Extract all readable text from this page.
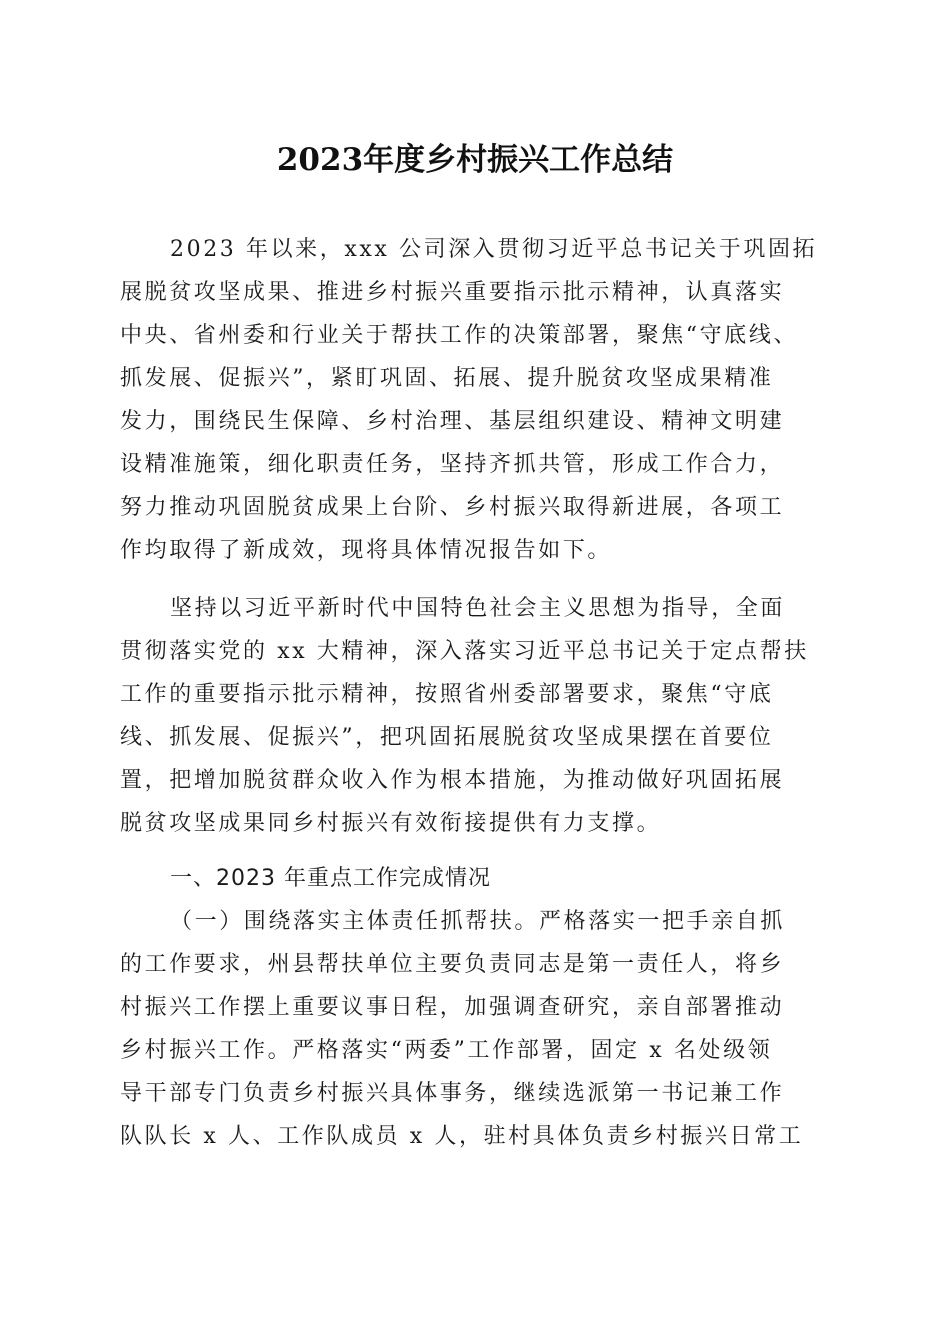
2023年度乡村振兴工作总结
2023 年以来，xxx 公司深入贯彻习近平总书记关于巩固拓
展脱贫攻坚成果、推进乡村振兴重要指示批示精神，认真落实
中央、省州委和行业关于帮扶工作的决策部署，聚焦“守底线、
抓发展、促振兴”，紧盯巩固、拓展、提升脱贫攻坚成果精准
发力，围绕民生保障、乡村治理、基层组织建设、精神文明建
设精准施策，细化职责任务，坚持齐抓共管，形成工作合力，
努力推动巩固脱贫成果上台阶、乡村振兴取得新进展，各项工
作均取得了新成效，现将具体情况报告如下。
坚持以习近平新时代中国特色社会主义思想为指导，全面
贯彻落实党的 xx 大精神，深入落实习近平总书记关于定点帮扶
工作的重要指示批示精神，按照省州委部署要求，聚焦“守底
线、抓发展、促振兴”，把巩固拓展脱贫攻坚成果摆在首要位
置，把增加脱贫群众收入作为根本措施，为推动做好巩固拓展
脱贫攻坚成果同乡村振兴有效衔接提供有力支撑。
一、2023 年重点工作完成情况
（一）围绕落实主体责任抓帮扶。严格落实一把手亲自抓
的工作要求，州县帮扶单位主要负责同志是第一责任人，将乡
村振兴工作摆上重要议事日程，加强调查研究，亲自部署推动
乡村振兴工作。严格落实“两委”工作部署，固定 x 名处级领
导干部专门负责乡村振兴具体事务，继续选派第一书记兼工作
队队长 x 人、工作队成员 x 人，驻村具体负责乡村振兴日常工
